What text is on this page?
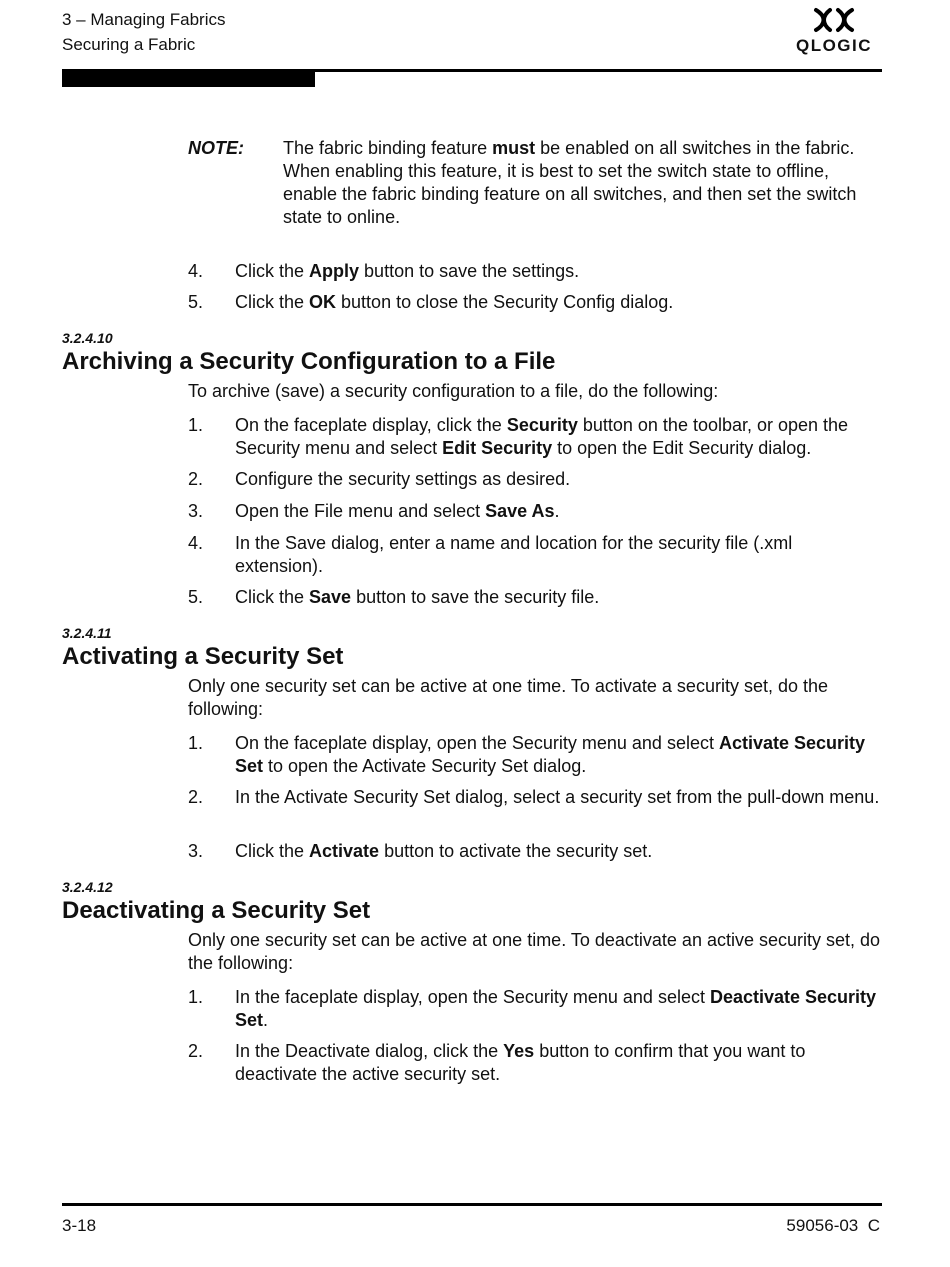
3 – Managing Fabrics
Securing a Fabric	QLOGIC
NOTE: The fabric binding feature must be enabled on all switches in the fabric. When enabling this feature, it is best to set the switch state to offline, enable the fabric binding feature on all switches, and then set the switch state to online.
4. Click the Apply button to save the settings.
5. Click the OK button to close the Security Config dialog.
3.2.4.10
Archiving a Security Configuration to a File
To archive (save) a security configuration to a file, do the following:
1. On the faceplate display, click the Security button on the toolbar, or open the Security menu and select Edit Security to open the Edit Security dialog.
2. Configure the security settings as desired.
3. Open the File menu and select Save As.
4. In the Save dialog, enter a name and location for the security file (.xml extension).
5. Click the Save button to save the security file.
3.2.4.11
Activating a Security Set
Only one security set can be active at one time. To activate a security set, do the following:
1. On the faceplate display, open the Security menu and select Activate Security Set to open the Activate Security Set dialog.
2. In the Activate Security Set dialog, select a security set from the pull-down menu.
3. Click the Activate button to activate the security set.
3.2.4.12
Deactivating a Security Set
Only one security set can be active at one time. To deactivate an active security set, do the following:
1. In the faceplate display, open the Security menu and select Deactivate Security Set.
2. In the Deactivate dialog, click the Yes button to confirm that you want to deactivate the active security set.
3-18	59056-03  C
